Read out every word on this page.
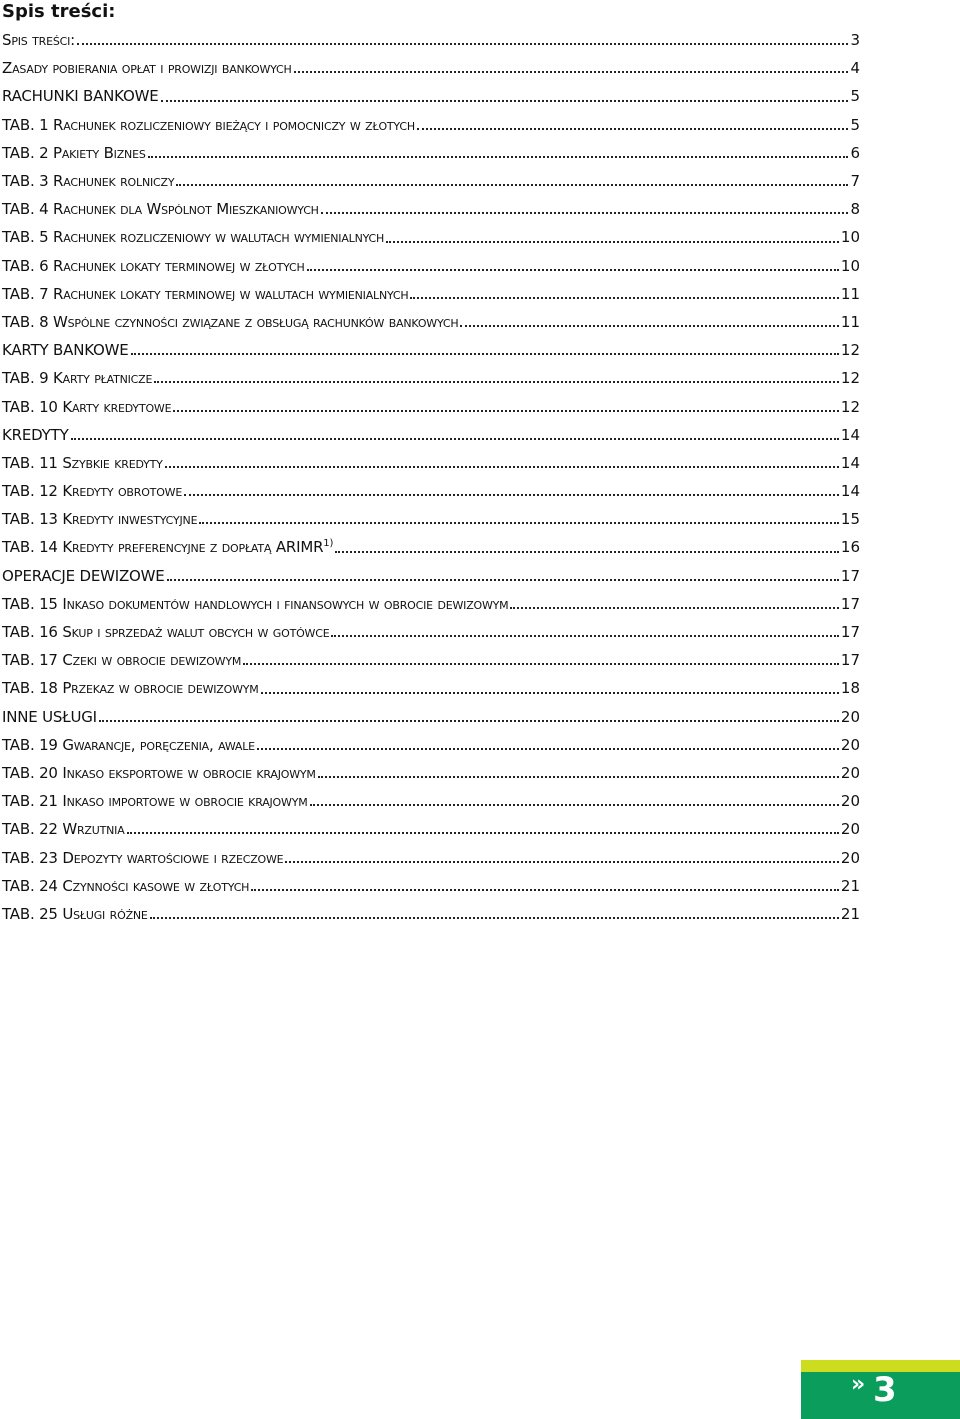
Spis treści:
Spis treści:	3
Zasady pobierania opłat i prowizji bankowych	4
RACHUNKI BANKOWE	5
TAB. 1 Rachunek rozliczeniowy bieżący i pomocniczy w złotych	5
TAB. 2 Pakiety Biznes	6
TAB. 3 Rachunek rolniczy	7
TAB. 4 Rachunek dla Wspólnot Mieszkaniowych	8
TAB. 5 Rachunek rozliczeniowy w walutach wymienialnych	10
TAB. 6 Rachunek lokaty terminowej w złotych	10
TAB. 7 Rachunek lokaty terminowej w walutach wymienialnych	11
TAB. 8 Wspólne czynności związane z obsługą rachunków bankowych	11
KARTY BANKOWE	12
TAB. 9 Karty płatnicze	12
TAB. 10 Karty kredytowe	12
KREDYTY	14
TAB. 11 Szybkie kredyty	14
TAB. 12 Kredyty obrotowe	14
TAB. 13 Kredyty inwestycyjne	15
TAB. 14 Kredyty preferencyjne z dopłatą ARIMR$^{1)}$	16
OPERACJE DEWIZOWE	17
TAB. 15 Inkaso dokumentów handlowych i finansowych w obrocie dewizowym	17
TAB. 16 Skup i sprzedaż walut obcych w gotówce	17
TAB. 17 Czeki w obrocie dewizowym	17
TAB. 18 Przekaz w obrocie dewizowym	18
INNE USŁUGI	20
TAB. 19 Gwarancje, poręczenia, awale	20
TAB. 20 Inkaso eksportowe w obrocie krajowym	20
TAB. 21 Inkaso importowe w obrocie krajowym	20
TAB. 22 Wrzutnia	20
TAB. 23 Depozyty wartościowe i rzeczowe	20
TAB. 24 Czynności kasowe w złotych	21
TAB. 25 Usługi różne	21
» 3
